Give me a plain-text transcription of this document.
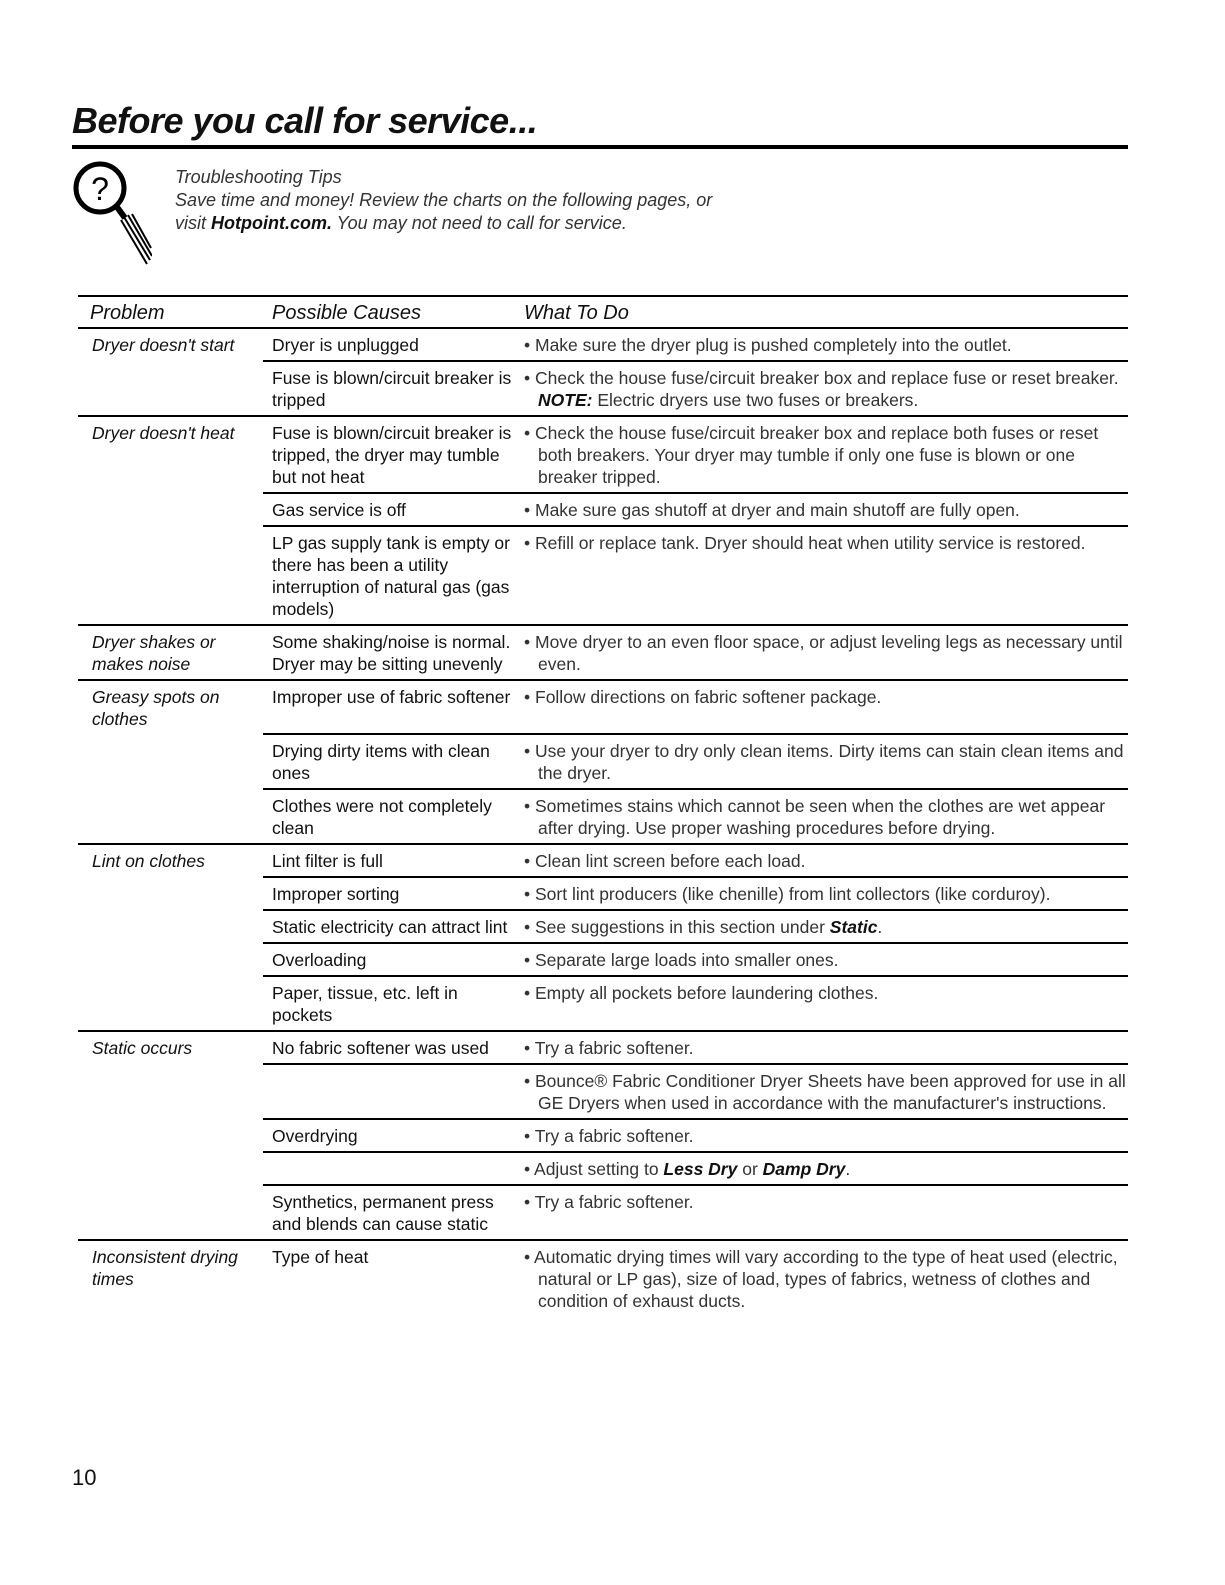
Before you call for service...
?	Troubleshooting Tips
Save time and money! Review the charts on the following pages, or
visit Hotpoint.com. You may not need to call for service.
Problem	Possible Causes	What To Do
Dryer doesn't start	Dryer is unplugged	• Make sure the dryer plug is pushed completely into the outlet.

	Fuse is blown/circuit breaker is tripped	• Check the house fuse/circuit breaker box and replace fuse or reset breaker. NOTE: Electric dryers use two fuses or breakers.

Dryer doesn't heat	Fuse is blown/circuit breaker is tripped, the dryer may tumble but not heat	• Check the house fuse/circuit breaker box and replace both fuses or reset both breakers. Your dryer may tumble if only one fuse is blown or one breaker tripped.

	Gas service is off	• Make sure gas shutoff at dryer and main shutoff are fully open.

	LP gas supply tank is empty or there has been a utility interruption of natural gas (gas models)	• Refill or replace tank. Dryer should heat when utility service is restored.

Dryer shakes or makes noise	Some shaking/noise is normal. Dryer may be sitting unevenly	• Move dryer to an even floor space, or adjust leveling legs as necessary until even.

Greasy spots on clothes	Improper use of fabric softener	• Follow directions on fabric softener package.

	Drying dirty items with clean ones	• Use your dryer to dry only clean items. Dirty items can stain clean items and the dryer.

	Clothes were not completely clean	• Sometimes stains which cannot be seen when the clothes are wet appear after drying. Use proper washing procedures before drying.

Lint on clothes	Lint filter is full	• Clean lint screen before each load.

	Improper sorting	• Sort lint producers (like chenille) from lint collectors (like corduroy).

	Static electricity can attract lint	• See suggestions in this section under Static.

	Overloading	• Separate large loads into smaller ones.

	Paper, tissue, etc. left in pockets	• Empty all pockets before laundering clothes.

Static occurs	No fabric softener was used	• Try a fabric softener.

		• Bounce® Fabric Conditioner Dryer Sheets have been approved for use in all GE Dryers when used in accordance with the manufacturer's instructions.

	Overdrying	• Try a fabric softener.

		• Adjust setting to Less Dry or Damp Dry.

	Synthetics, permanent press and blends can cause static	• Try a fabric softener.

Inconsistent drying times	Type of heat	• Automatic drying times will vary according to the type of heat used (electric, natural or LP gas), size of load, types of fabrics, wetness of clothes and condition of exhaust ducts.
10
